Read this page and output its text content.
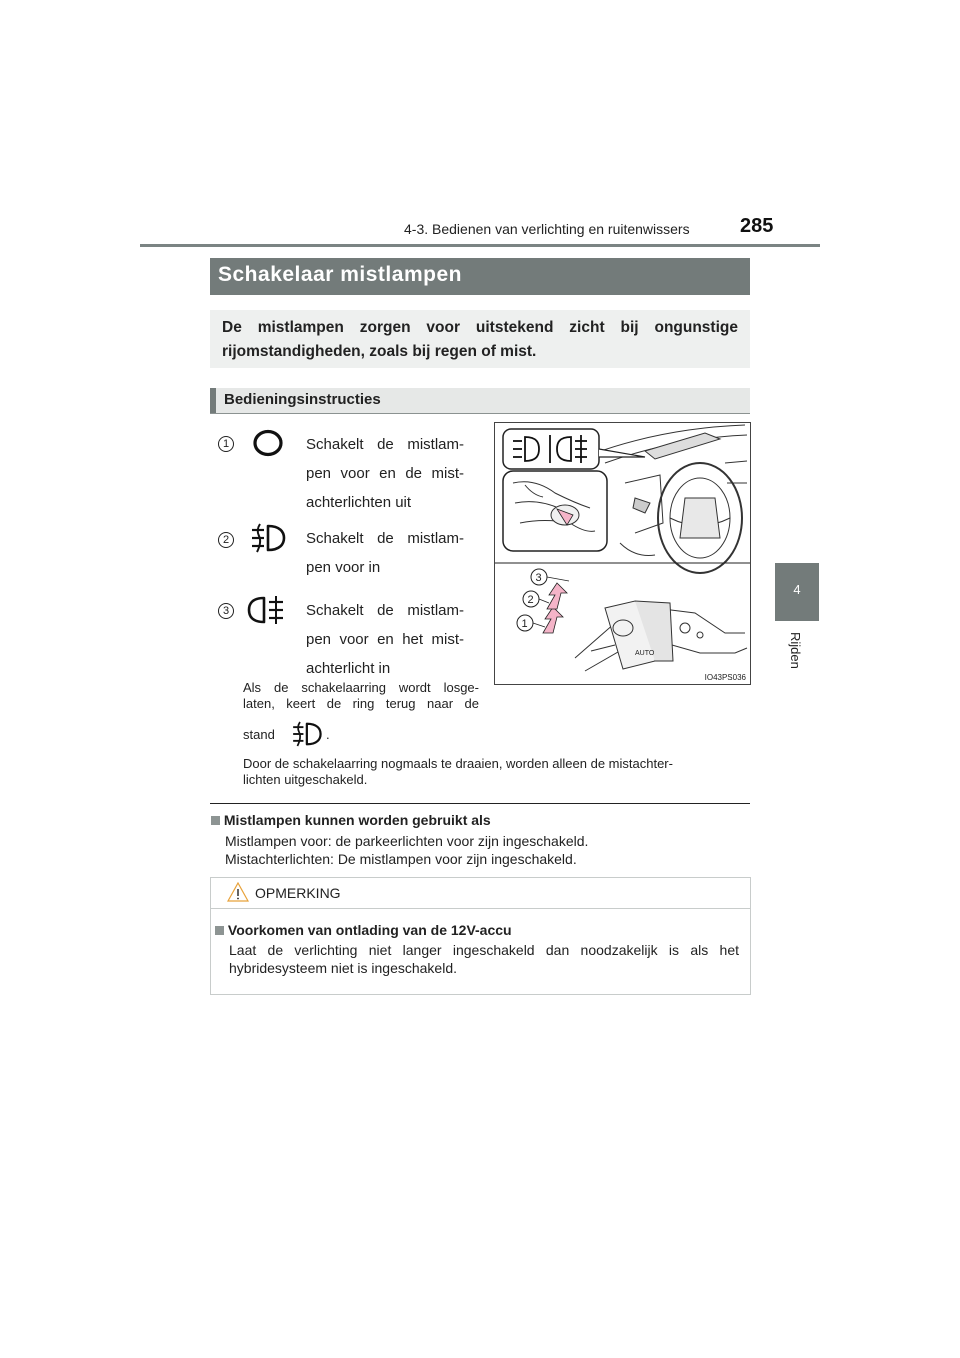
4-3. Bedienen van verlichting en ruitenwissers	285
4
Rijden
Schakelaar mistlampen
De mistlampen zorgen voor uitstekend zicht bij ongunstige rijomstandigheden, zoals bij regen of mist.
Bedieningsinstructies
1	Schakelt de mistlam-
pen voor en de mist-
achterlichten uit
2	Schakelt de mistlam-
pen voor in
3	Schakelt de mistlam-
pen voor en het mist-
achterlicht in
Als de schakelaarring wordt losge-
laten, keert de ring terug naar de
stand	.
Door de schakelaarring nogmaals te draaien, worden alleen de mistachter-
lichten uitgeschakeld.
AUTO
1
2
3
IO43PS036
Mistlampen kunnen worden gebruikt als
Mistlampen voor: de parkeerlichten voor zijn ingeschakeld.
Mistachterlichten: De mistlampen voor zijn ingeschakeld.
OPMERKING
Voorkomen van ontlading van de 12V-accu
Laat de verlichting niet langer ingeschakeld dan noodzakelijk is als het
hybridesysteem niet is ingeschakeld.
